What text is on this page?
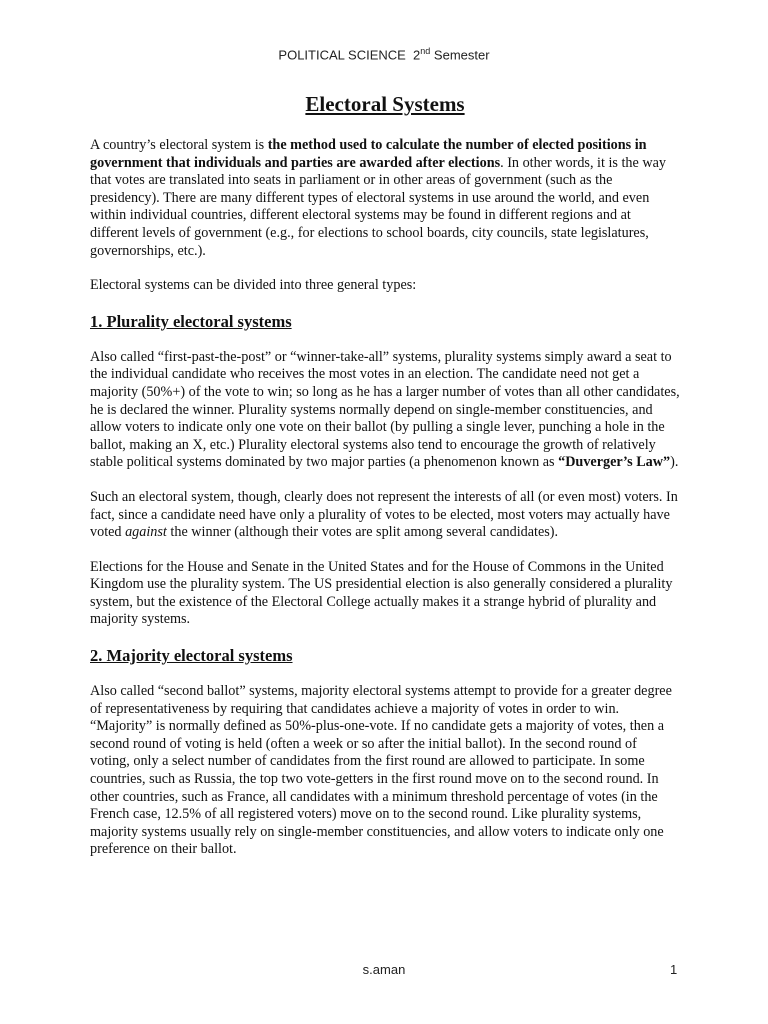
POLITICAL SCIENCE 2nd Semester
Electoral Systems

A country’s electoral system is the method used to calculate the number of elected positions in government that individuals and parties are awarded after elections. In other words, it is the way that votes are translated into seats in parliament or in other areas of government (such as the presidency). There are many different types of electoral systems in use around the world, and even within individual countries, different electoral systems may be found in different regions and at different levels of government (e.g., for elections to school boards, city councils, state legislatures, governorships, etc.).

Electoral systems can be divided into three general types:

1. Plurality electoral systems

Also called “first-past-the-post” or “winner-take-all” systems, plurality systems simply award a seat to the individual candidate who receives the most votes in an election. The candidate need not get a majority (50%+) of the vote to win; so long as he has a larger number of votes than all other candidates, he is declared the winner. Plurality systems normally depend on single-member constituencies, and allow voters to indicate only one vote on their ballot (by pulling a single lever, punching a hole in the ballot, making an X, etc.) Plurality electoral systems also tend to encourage the growth of relatively stable political systems dominated by two major parties (a phenomenon known as “Duverger’s Law”).

Such an electoral system, though, clearly does not represent the interests of all (or even most) voters. In fact, since a candidate need have only a plurality of votes to be elected, most voters may actually have voted against the winner (although their votes are split among several candidates).

Elections for the House and Senate in the United States and for the House of Commons in the United Kingdom use the plurality system. The US presidential election is also generally considered a plurality system, but the existence of the Electoral College actually makes it a strange hybrid of plurality and majority systems.

2. Majority electoral systems

Also called “second ballot” systems, majority electoral systems attempt to provide for a greater degree of representativeness by requiring that candidates achieve a majority of votes in order to win. “Majority” is normally defined as 50%-plus-one-vote. If no candidate gets a majority of votes, then a second round of voting is held (often a week or so after the initial ballot). In the second round of voting, only a select number of candidates from the first round are allowed to participate. In some countries, such as Russia, the top two vote-getters in the first round move on to the second round. In other countries, such as France, all candidates with a minimum threshold percentage of votes (in the French case, 12.5% of all registered voters) move on to the second round. Like plurality systems, majority systems usually rely on single-member constituencies, and allow voters to indicate only one preference on their ballot.

s.aman	1
